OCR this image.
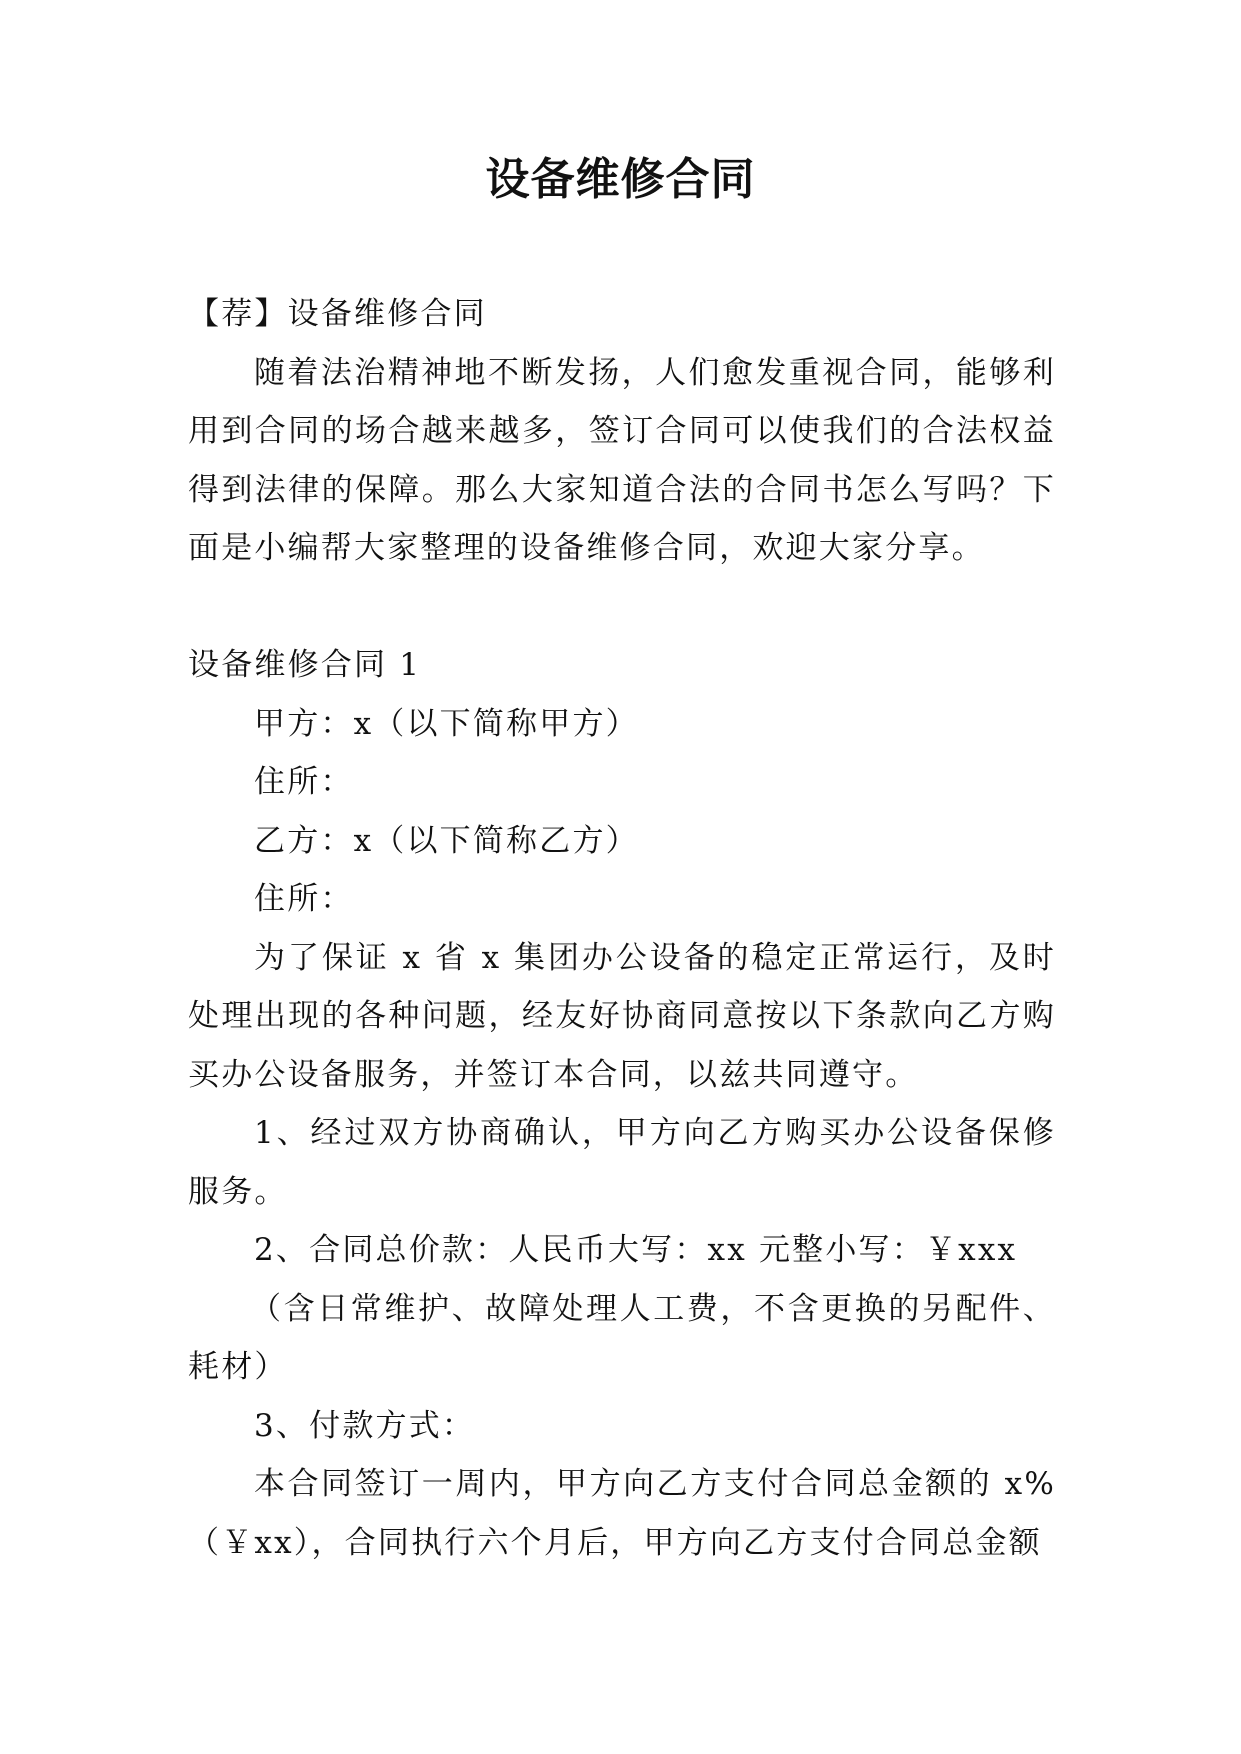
设备维修合同

【荐】设备维修合同

随着法治精神地不断发扬，人们愈发重视合同，能够利用到合同的场合越来越多，签订合同可以使我们的合法权益得到法律的保障。那么大家知道合法的合同书怎么写吗？下面是小编帮大家整理的设备维修合同，欢迎大家分享。

设备维修合同 1

甲方：x（以下简称甲方）

住所：

乙方：x（以下简称乙方）

住所：

为了保证 x 省 x 集团办公设备的稳定正常运行，及时处理出现的各种问题，经友好协商同意按以下条款向乙方购买办公设备服务，并签订本合同，以兹共同遵守。

1、经过双方协商确认，甲方向乙方购买办公设备保修服务。

2、合同总价款：人民币大写：xx 元整小写：￥xxx

（含日常维护、故障处理人工费，不含更换的另配件、耗材）

3、付款方式：

本合同签订一周内，甲方向乙方支付合同总金额的 x%（￥xx），合同执行六个月后，甲方向乙方支付合同总金额
